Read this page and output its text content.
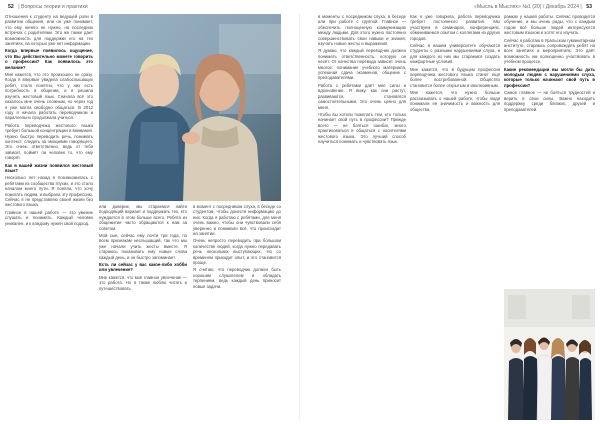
52 | Вопросы теории и практики	«Мысль в Мыслях» №1 (20) / Декабрь 2024 | 53

Отношения к студенту на ведущей роли в развитии общения, или он уже понимает, что ему ничего не нужно, на последних встречах с родителями. Это же также дает возможность для поддержки его на тех занятиях, на которых уже нет информации.

Когда впервые появилось ощущение, что Вы действительно можете говорить о профессии? Как появилось это желание?

Мне кажется, что это произошло не сразу. Когда я впервые увидела слабослышащих ребят, стало понятно, что у них есть потребность в общении, и я решила изучить жестовый язык. Сначала всё это казалось мне очень сложным, но через год я уже могла свободно общаться. В 2012 году я начала работать переводчиком и параллельно продолжала учиться.

Работа переводчика жестового языка требует большой концентрации и внимания. Нужно быстро переводить речь, понимать контекст, следить за эмоциями говорящего. Это очень ответственно, ведь от тебя зависит, поймёт ли человек то, что ему говорят.

Как в вашей жизни появился жестовый язык?

Несколько лет назад я познакомилась с ребятами из сообщества глухих, и это стало началом моего пути. Я поняла, что хочу помогать людям, и выбрала эту профессию. Сейчас я не представляю своей жизни без жестового языка.

Главное в нашей работе — это умение слушать и понимать. Каждый человек уникален, и к каждому нужен свой подход.

или доверие, мы стараемся найти подходящий вариант и поддержать тех, кто нуждается в этом больше всего. Ребята из общежития часто обращаются к нам за советом.

Мой сын, сейчас ему почти три года, по всем признакам неслышащий, так что мы уже начали учить жесты вместе. Я стараюсь показывать ему новые слова каждый день, и он быстро запоминает.

Есть ли сейчас у вас какое-либо хобби или увлечение?

Мне кажется, что моё главное увлечение — это работа. Но я также люблю читать и путешествовать.

в момент с посредником слуха, в беседе со студентом, чтобы донести информацию до них. Когда я работаю с ребятами, для меня очень важно, чтобы они чувствовали себя уверенно и понимали всё, что происходит на занятии.

Очень непросто переводить при большом количестве людей, когда нужно передавать речь нескольких выступающих. Но со временем приходит опыт, и это становится проще.

Я считаю, что переводчик должен быть хорошим слушателем и обладать терпением, ведь каждый день приносит новые задачи.

в моменты с посредником слуха, в беседе или при работе с группой. Главное — обеспечить полноценную коммуникацию между людьми. Для этого нужно постоянно совершенствовать свои навыки и знания, изучать новые жесты и выражения.

Я думаю, что каждый переводчик должен понимать ответственность, которую он несёт. От качества перевода зависит очень многое: понимание учебного материала, успешная сдача экзаменов, общение с преподавателями.

Работа с ребятами даёт мне силы и вдохновение. Я вижу, как они растут, развиваются, становятся самостоятельными. Это очень ценно для меня.

Чтобы вы хотели пожелать тем, кто только начинает свой путь в профессии? Прежде всего — не бояться ошибок, много практиковаться и общаться с носителями жестового языка. Это лучший способ научиться понимать и чувствовать язык.

Как я уже говорила, работа переводчика требует постоянного развития. Мы участвуем в семинарах, конференциях, обмениваемся опытом с коллегами из других городов.

Сейчас в нашем университете обучаются студенты с разными нарушениями слуха, и для каждого из них мы стараемся создать комфортные условия.

Мне кажется, что в будущем профессия переводчика жестового языка станет ещё более востребованной. Общество становится более открытым и инклюзивным.

Мне кажется, что нужно больше рассказывать о нашей работе, чтобы люди понимали её значимость и важность для общества.

рамках у нашей работы. Сейчас проводится обучение, и мы очень рады, что с каждым годом всё больше людей интересуются жестовым языком и хотят его изучать.

Сейчас я работаю в Уральском гуманитарном институте, стараюсь сопровождать ребят на всех занятиях и мероприятиях. Это даёт возможность им полноценно участвовать в учебном процессе.

Какие рекомендации вы могли бы дать молодым людям с нарушениями слуха, которые только начинают свой путь в профессии?

Самое главное — не бояться трудностей и верить в свои силы. Важно находить поддержку среди близких, друзей и преподавателей.
